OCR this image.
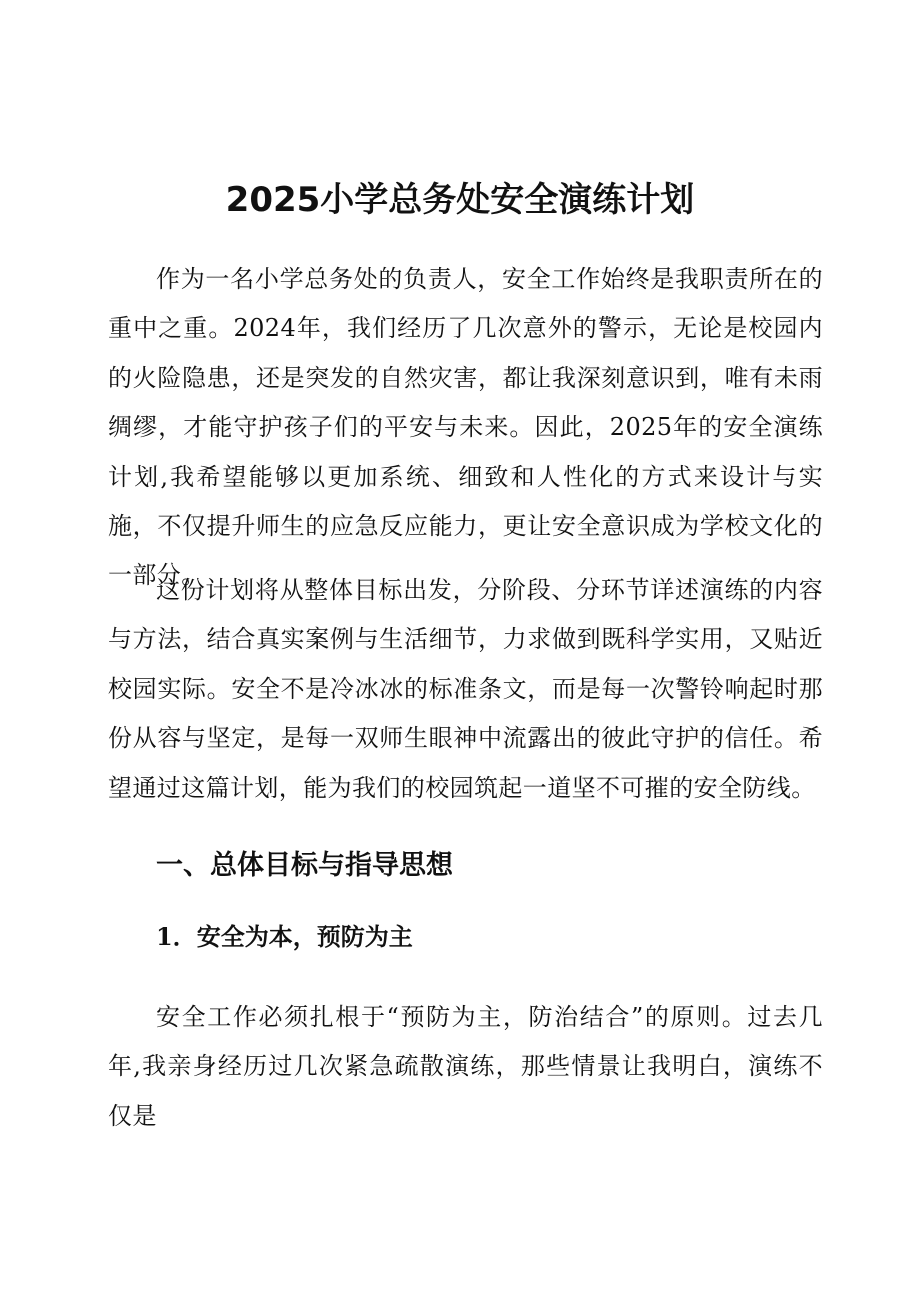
2025小学总务处安全演练计划

作为一名小学总务处的负责人，安全工作始终是我职责所在的重中之重。2024年，我们经历了几次意外的警示，无论是校园内的火险隐患，还是突发的自然灾害，都让我深刻意识到，唯有未雨绸缪，才能守护孩子们的平安与未来。因此，2025年的安全演练计划,我希望能够以更加系统、细致和人性化的方式来设计与实施，不仅提升师生的应急反应能力，更让安全意识成为学校文化的一部分。

这份计划将从整体目标出发，分阶段、分环节详述演练的内容与方法，结合真实案例与生活细节，力求做到既科学实用，又贴近校园实际。安全不是冷冰冰的标准条文，而是每一次警铃响起时那份从容与坚定，是每一双师生眼神中流露出的彼此守护的信任。希望通过这篇计划，能为我们的校园筑起一道坚不可摧的安全防线。

一、总体目标与指导思想
1．安全为本，预防为主

安全工作必须扎根于“预防为主，防治结合”的原则。过去几年,我亲身经历过几次紧急疏散演练，那些情景让我明白，演练不仅是
